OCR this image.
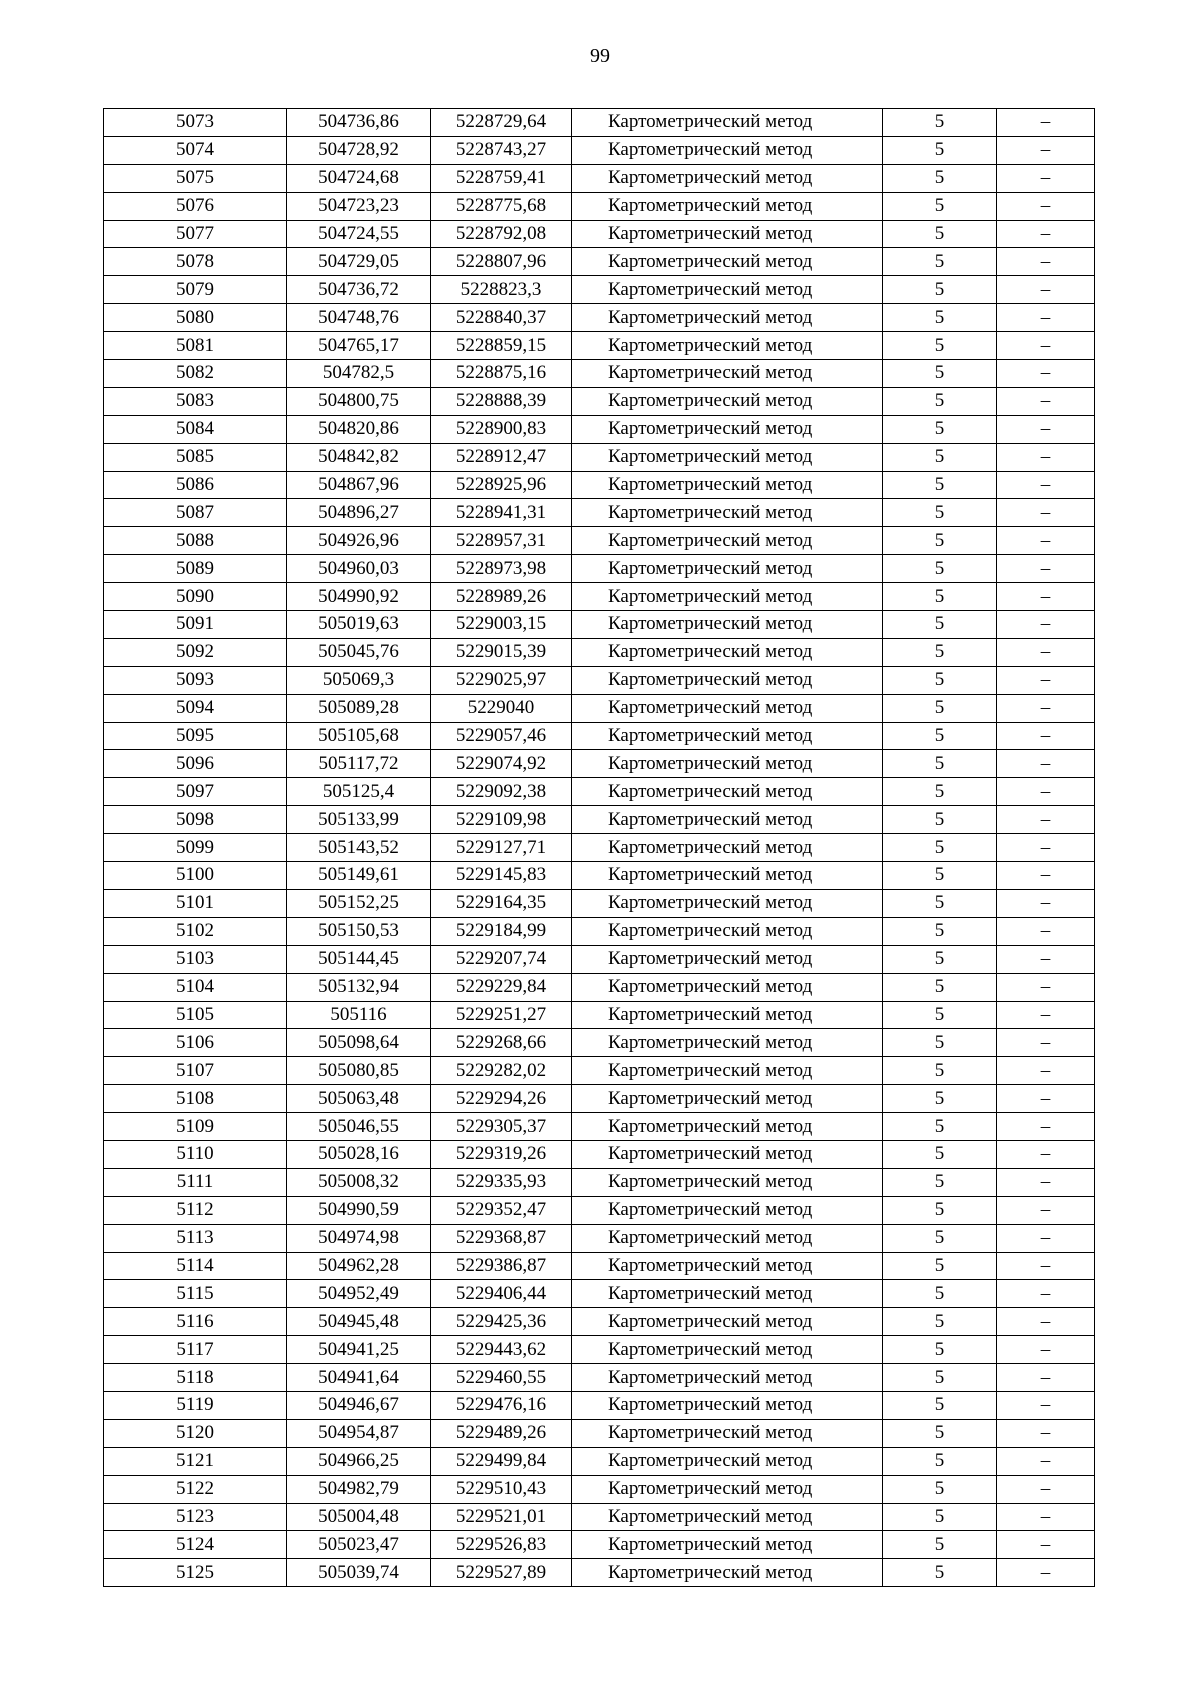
99
5073	504736,86	5228729,64	Картометрический метод	5	–
5074	504728,92	5228743,27	Картометрический метод	5	–
5075	504724,68	5228759,41	Картометрический метод	5	–
5076	504723,23	5228775,68	Картометрический метод	5	–
5077	504724,55	5228792,08	Картометрический метод	5	–
5078	504729,05	5228807,96	Картометрический метод	5	–
5079	504736,72	5228823,3	Картометрический метод	5	–
5080	504748,76	5228840,37	Картометрический метод	5	–
5081	504765,17	5228859,15	Картометрический метод	5	–
5082	504782,5	5228875,16	Картометрический метод	5	–
5083	504800,75	5228888,39	Картометрический метод	5	–
5084	504820,86	5228900,83	Картометрический метод	5	–
5085	504842,82	5228912,47	Картометрический метод	5	–
5086	504867,96	5228925,96	Картометрический метод	5	–
5087	504896,27	5228941,31	Картометрический метод	5	–
5088	504926,96	5228957,31	Картометрический метод	5	–
5089	504960,03	5228973,98	Картометрический метод	5	–
5090	504990,92	5228989,26	Картометрический метод	5	–
5091	505019,63	5229003,15	Картометрический метод	5	–
5092	505045,76	5229015,39	Картометрический метод	5	–
5093	505069,3	5229025,97	Картометрический метод	5	–
5094	505089,28	5229040	Картометрический метод	5	–
5095	505105,68	5229057,46	Картометрический метод	5	–
5096	505117,72	5229074,92	Картометрический метод	5	–
5097	505125,4	5229092,38	Картометрический метод	5	–
5098	505133,99	5229109,98	Картометрический метод	5	–
5099	505143,52	5229127,71	Картометрический метод	5	–
5100	505149,61	5229145,83	Картометрический метод	5	–
5101	505152,25	5229164,35	Картометрический метод	5	–
5102	505150,53	5229184,99	Картометрический метод	5	–
5103	505144,45	5229207,74	Картометрический метод	5	–
5104	505132,94	5229229,84	Картометрический метод	5	–
5105	505116	5229251,27	Картометрический метод	5	–
5106	505098,64	5229268,66	Картометрический метод	5	–
5107	505080,85	5229282,02	Картометрический метод	5	–
5108	505063,48	5229294,26	Картометрический метод	5	–
5109	505046,55	5229305,37	Картометрический метод	5	–
5110	505028,16	5229319,26	Картометрический метод	5	–
5111	505008,32	5229335,93	Картометрический метод	5	–
5112	504990,59	5229352,47	Картометрический метод	5	–
5113	504974,98	5229368,87	Картометрический метод	5	–
5114	504962,28	5229386,87	Картометрический метод	5	–
5115	504952,49	5229406,44	Картометрический метод	5	–
5116	504945,48	5229425,36	Картометрический метод	5	–
5117	504941,25	5229443,62	Картометрический метод	5	–
5118	504941,64	5229460,55	Картометрический метод	5	–
5119	504946,67	5229476,16	Картометрический метод	5	–
5120	504954,87	5229489,26	Картометрический метод	5	–
5121	504966,25	5229499,84	Картометрический метод	5	–
5122	504982,79	5229510,43	Картометрический метод	5	–
5123	505004,48	5229521,01	Картометрический метод	5	–
5124	505023,47	5229526,83	Картометрический метод	5	–
5125	505039,74	5229527,89	Картометрический метод	5	–
